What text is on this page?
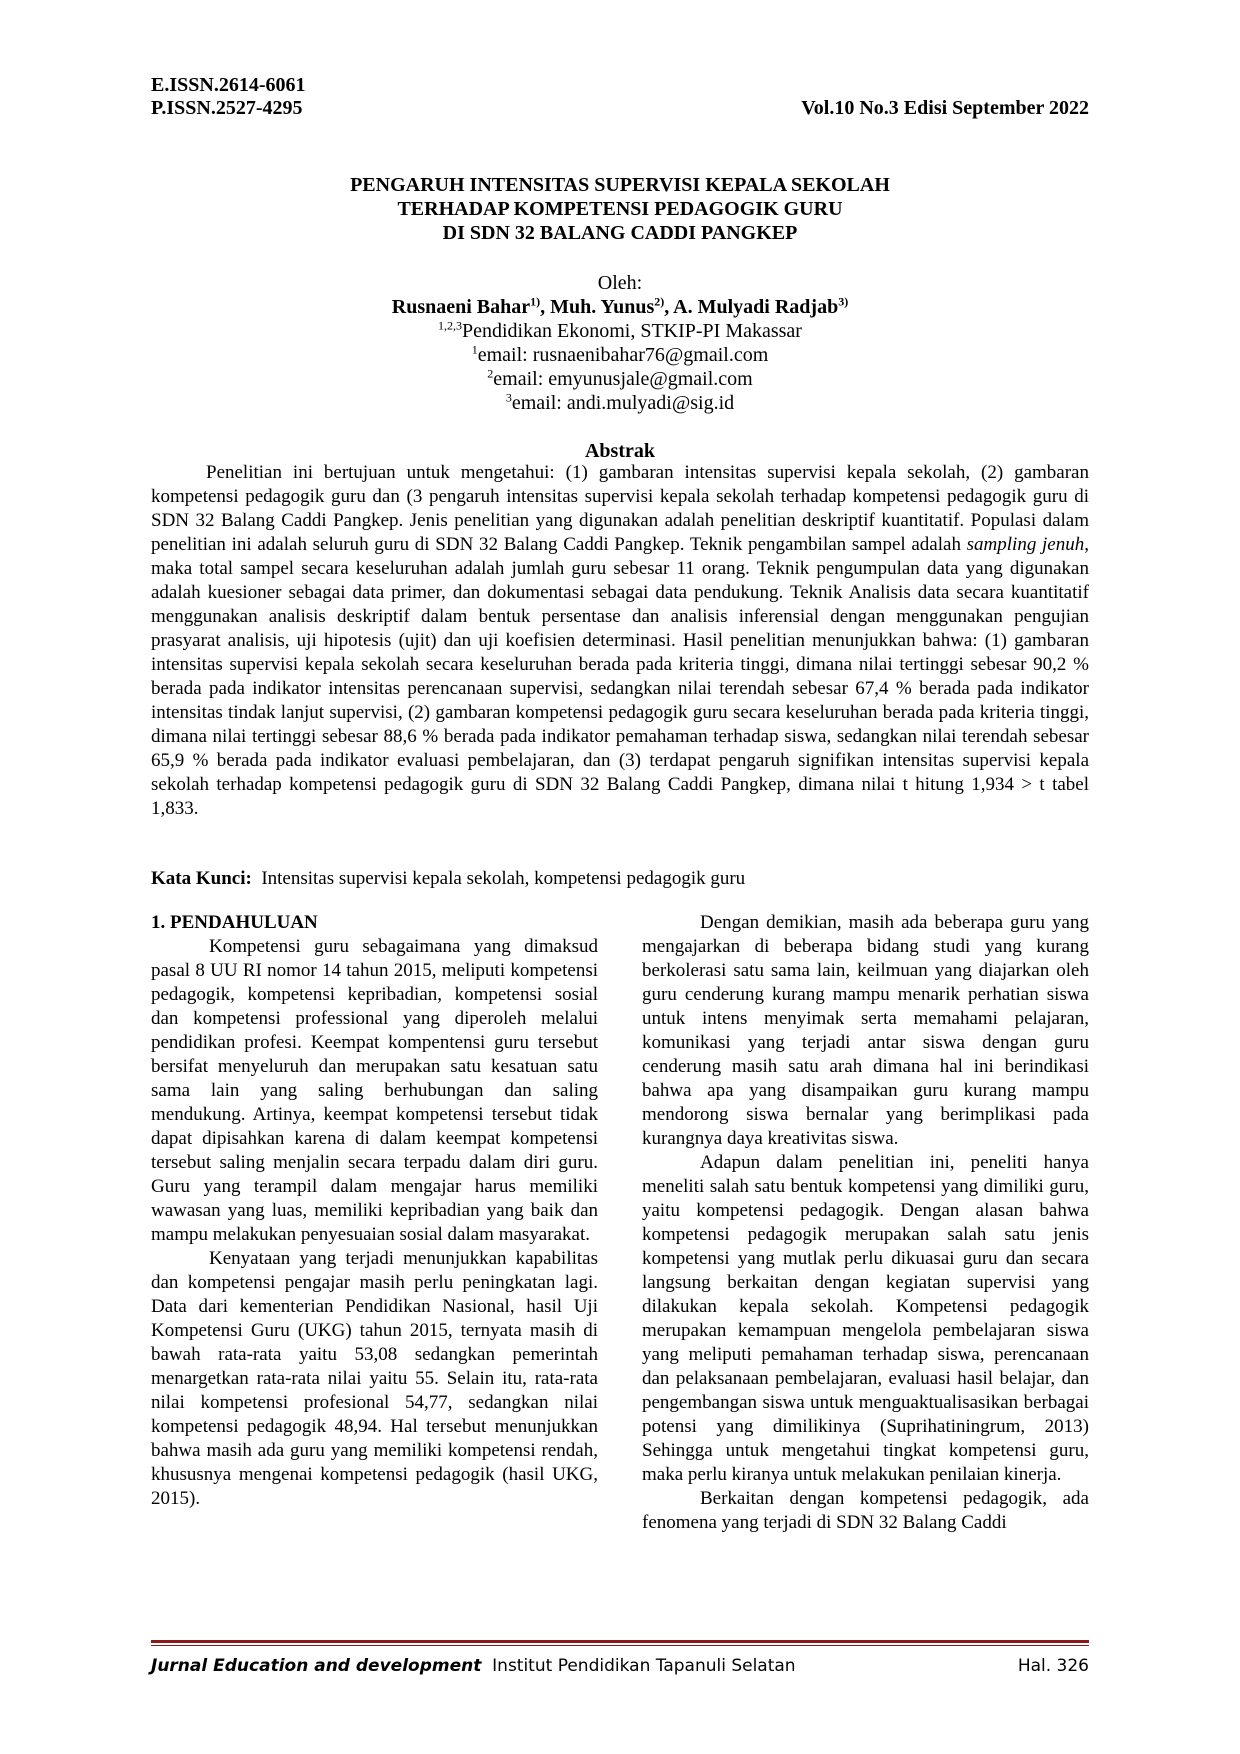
E.ISSN.2614-6061
P.ISSN.2527-4295	Vol.10 No.3 Edisi September 2022
PENGARUH INTENSITAS SUPERVISI KEPALA SEKOLAH
TERHADAP KOMPETENSI PEDAGOGIK GURU
DI SDN 32 BALANG CADDI PANGKEP
Oleh:
Rusnaeni Bahar$^{1)}$, Muh. Yunus$^{2)}$, A. Mulyadi Radjab$^{3)}$
$^{1,2,3}$Pendidikan Ekonomi, STKIP-PI Makassar
$^1$email: rusnaenibahar76@gmail.com
$^2$email: emyunusjale@gmail.com
$^3$email: andi.mulyadi@sig.id
Abstrak

Penelitian ini bertujuan untuk mengetahui: (1) gambaran intensitas supervisi kepala sekolah, (2) gambaran kompetensi pedagogik guru dan (3 pengaruh intensitas supervisi kepala sekolah terhadap kompetensi pedagogik guru di SDN 32 Balang Caddi Pangkep. Jenis penelitian yang digunakan adalah penelitian deskriptif kuantitatif. Populasi dalam penelitian ini adalah seluruh guru di SDN 32 Balang Caddi Pangkep. Teknik pengambilan sampel adalah sampling jenuh, maka total sampel secara keseluruhan adalah jumlah guru sebesar 11 orang. Teknik pengumpulan data yang digunakan adalah kuesioner sebagai data primer, dan dokumentasi sebagai data pendukung. Teknik Analisis data secara kuantitatif menggunakan analisis deskriptif dalam bentuk persentase dan analisis inferensial dengan menggunakan pengujian prasyarat analisis, uji hipotesis (ujit) dan uji koefisien determinasi. Hasil penelitian menunjukkan bahwa: (1) gambaran intensitas supervisi kepala sekolah secara keseluruhan berada pada kriteria tinggi, dimana nilai tertinggi sebesar 90,2 % berada pada indikator intensitas perencanaan supervisi, sedangkan nilai terendah sebesar 67,4 % berada pada indikator intensitas tindak lanjut supervisi, (2) gambaran kompetensi pedagogik guru secara keseluruhan berada pada kriteria tinggi, dimana nilai tertinggi sebesar 88,6 % berada pada indikator pemahaman terhadap siswa, sedangkan nilai terendah sebesar 65,9 % berada pada indikator evaluasi pembelajaran, dan (3) terdapat pengaruh signifikan intensitas supervisi kepala sekolah terhadap kompetensi pedagogik guru di SDN 32 Balang Caddi Pangkep, dimana nilai t hitung 1,934 > t tabel 1,833.

Kata Kunci:  Intensitas supervisi kepala sekolah, kompetensi pedagogik guru
1. PENDAHULUAN

Kompetensi guru sebagaimana yang dimaksud pasal 8 UU RI nomor 14 tahun 2015, meliputi kompetensi pedagogik, kompetensi kepribadian, kompetensi sosial dan kompetensi professional yang diperoleh melalui pendidikan profesi. Keempat kompentensi guru tersebut bersifat menyeluruh dan merupakan satu kesatuan satu sama lain yang saling berhubungan dan saling mendukung. Artinya, keempat kompetensi tersebut tidak dapat dipisahkan karena di dalam keempat kompetensi tersebut saling menjalin secara terpadu dalam diri guru. Guru yang terampil dalam mengajar harus memiliki wawasan yang luas, memiliki kepribadian yang baik dan mampu melakukan penyesuaian sosial dalam masyarakat.

Kenyataan yang terjadi menunjukkan kapabilitas dan kompetensi pengajar masih perlu peningkatan lagi. Data dari kementerian Pendidikan Nasional, hasil Uji Kompetensi Guru (UKG) tahun 2015, ternyata masih di bawah rata-rata yaitu 53,08 sedangkan pemerintah menargetkan rata-rata nilai yaitu 55. Selain itu, rata-rata nilai kompetensi profesional 54,77, sedangkan nilai kompetensi pedagogik 48,94. Hal tersebut menunjukkan bahwa masih ada guru yang memiliki kompetensi rendah, khususnya mengenai kompetensi pedagogik (hasil UKG, 2015).

Dengan demikian, masih ada beberapa guru yang mengajarkan di beberapa bidang studi yang kurang berkolerasi satu sama lain, keilmuan yang diajarkan oleh guru cenderung kurang mampu menarik perhatian siswa untuk intens menyimak serta memahami pelajaran, komunikasi yang terjadi antar siswa dengan guru cenderung masih satu arah dimana hal ini berindikasi bahwa apa yang disampaikan guru kurang mampu mendorong siswa bernalar yang berimplikasi pada kurangnya daya kreativitas siswa.

Adapun dalam penelitian ini, peneliti hanya meneliti salah satu bentuk kompetensi yang dimiliki guru, yaitu kompetensi pedagogik. Dengan alasan bahwa kompetensi pedagogik merupakan salah satu jenis kompetensi yang mutlak perlu dikuasai guru dan secara langsung berkaitan dengan kegiatan supervisi yang dilakukan kepala sekolah. Kompetensi pedagogik merupakan kemampuan mengelola pembelajaran siswa yang meliputi pemahaman terhadap siswa, perencanaan dan pelaksanaan pembelajaran, evaluasi hasil belajar, dan pengembangan siswa untuk menguaktualisasikan berbagai potensi yang dimilikinya (Suprihatiningrum, 2013) Sehingga untuk mengetahui tingkat kompetensi guru, maka perlu kiranya untuk melakukan penilaian kinerja.

Berkaitan dengan kompetensi pedagogik, ada fenomena yang terjadi di SDN 32 Balang Caddi

Jurnal Education and development  Institut Pendidikan Tapanuli Selatan	Hal. 326
